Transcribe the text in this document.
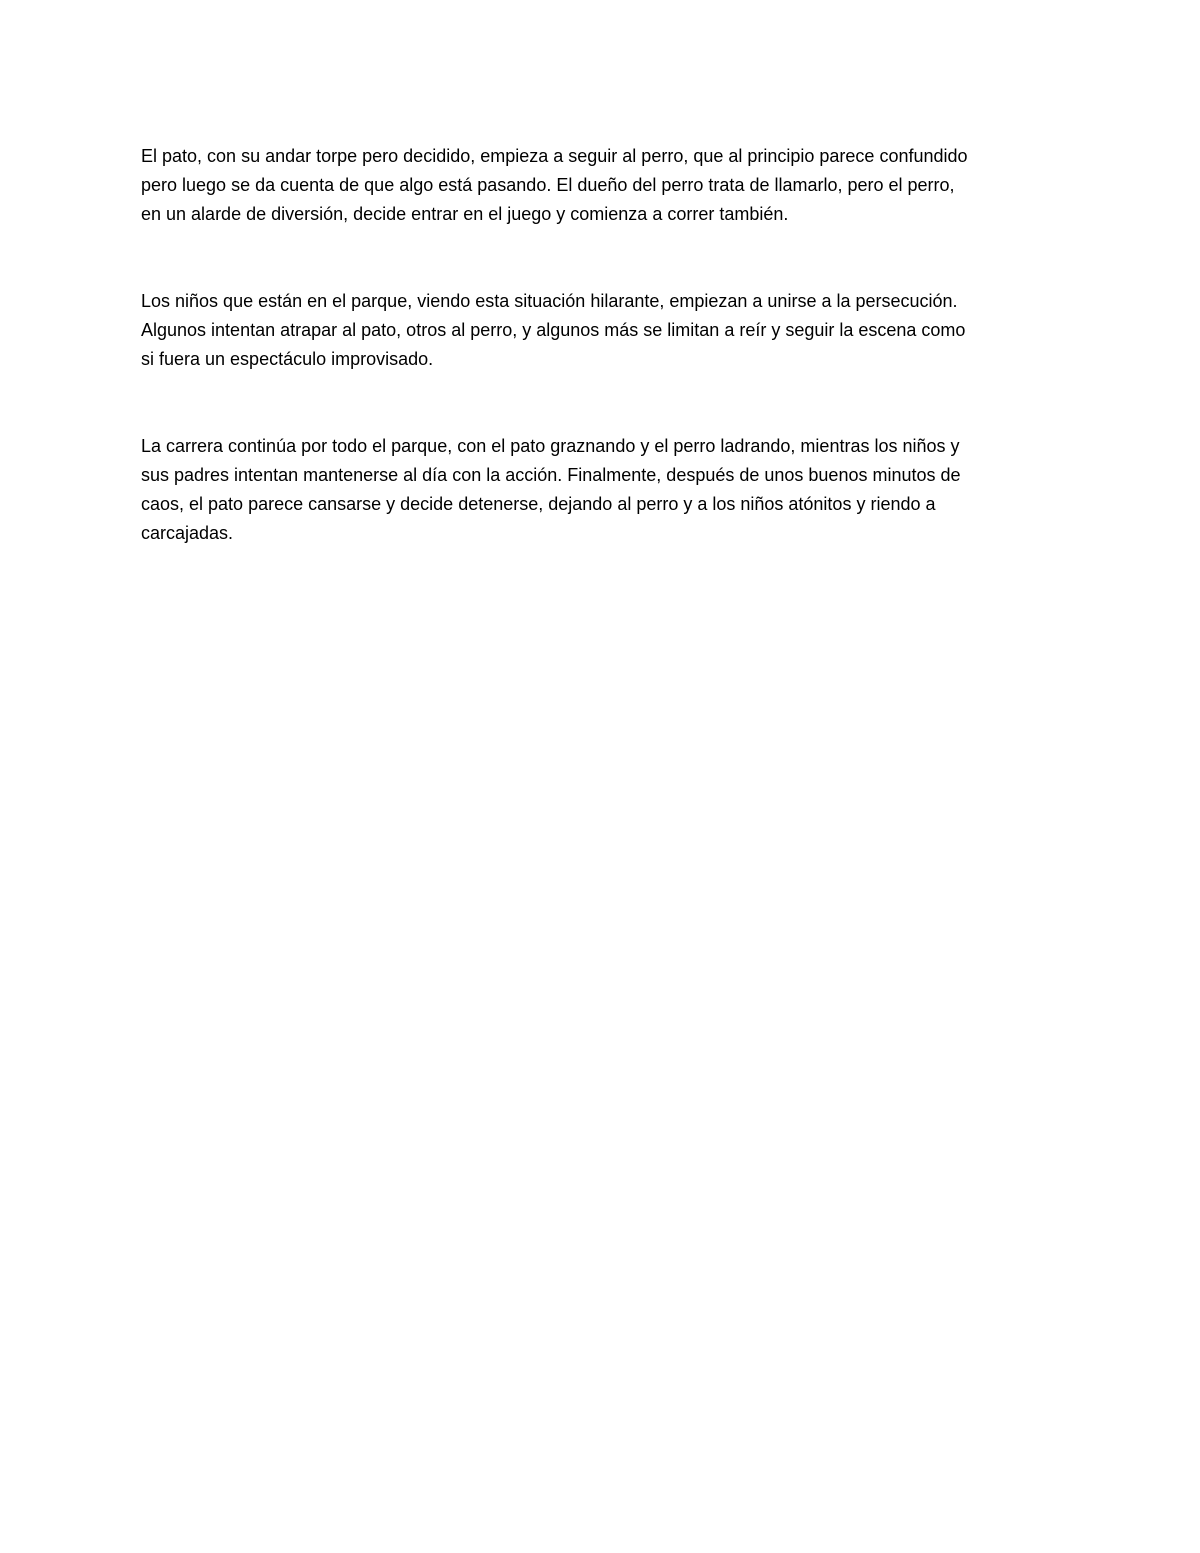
El pato, con su andar torpe pero decidido, empieza a seguir al perro, que al principio parece confundido
pero luego se da cuenta de que algo está pasando. El dueño del perro trata de llamarlo, pero el perro,
en un alarde de diversión, decide entrar en el juego y comienza a correr también.

Los niños que están en el parque, viendo esta situación hilarante, empiezan a unirse a la persecución.
Algunos intentan atrapar al pato, otros al perro, y algunos más se limitan a reír y seguir la escena como
si fuera un espectáculo improvisado.

La carrera continúa por todo el parque, con el pato graznando y el perro ladrando, mientras los niños y
sus padres intentan mantenerse al día con la acción. Finalmente, después de unos buenos minutos de
caos, el pato parece cansarse y decide detenerse, dejando al perro y a los niños atónitos y riendo a
carcajadas.
